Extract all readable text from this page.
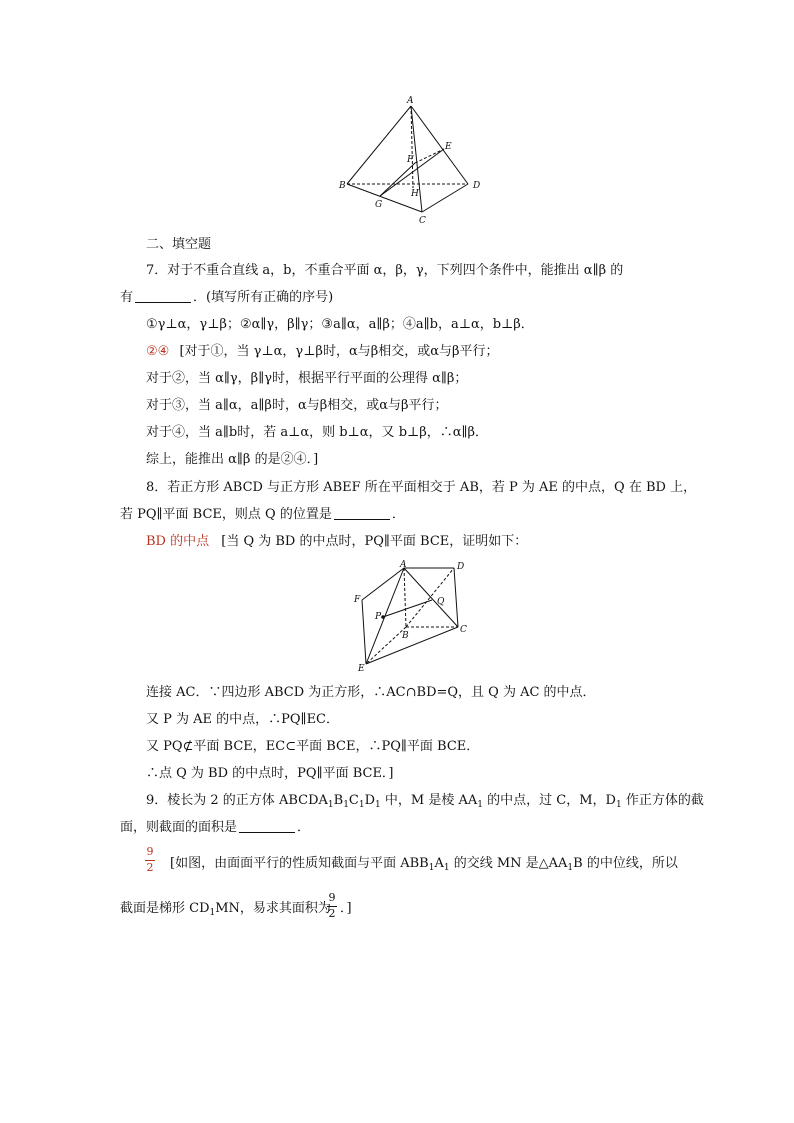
A
E
F
B	D
H
G
C
二、填空题
7．对于不重合直线 a，b，不重合平面 α，β，γ，下列四个条件中，能推出 α∥β 的
有	．(填写所有正确的序号)
①γ⊥α，γ⊥β；②α∥γ，β∥γ；③a∥α，a∥β；④a∥b，a⊥α，b⊥β．
②④ [对于①，当 γ⊥α，γ⊥β时，α与β相交，或α与β平行；
对于②，当 α∥γ，β∥γ时，根据平行平面的公理得 α∥β；
对于③，当 a∥α，a∥β时，α与β相交，或α与β平行；
对于④，当 a∥b时，若 a⊥α，则 b⊥α，又 b⊥β，∴α∥β．
综上，能推出 α∥β 的是②④．]
8．若正方形 ABCD 与正方形 ABEF 所在平面相交于 AB，若 P 为 AE 的中点，Q 在 BD 上，
若 PQ∥平面 BCE，则点 Q 的位置是	．
BD 的中点 [当 Q 为 BD 的中点时，PQ∥平面 BCE，证明如下：
A	D
F
P
Q
B
C
E
连接 AC．∵四边形 ABCD 为正方形，∴AC∩BD=Q，且 Q 为 AC 的中点．
又 P 为 AE 的中点，∴PQ∥EC．
又 PQ⊄平面 BCE，EC⊂平面 BCE，∴PQ∥平面 BCE．
∴点 Q 为 BD 的中点时，PQ∥平面 BCE．]
9．棱长为 2 的正方体 $ABCDA_1B_1C_1D_1$ 中，M 是棱 $AA_1$ 的中点，过 C，M，$D_1$ 作正方体的截
面，则截面的面积是	．
9
2 [如图，由面面平行的性质知截面与平面 $ABB_1A_1$ 的交线 MN 是$\triangle AA_1B$ 的中位线，所以
截面是梯形 $CD_1MN$，易求其面积为
9
2 ．]
